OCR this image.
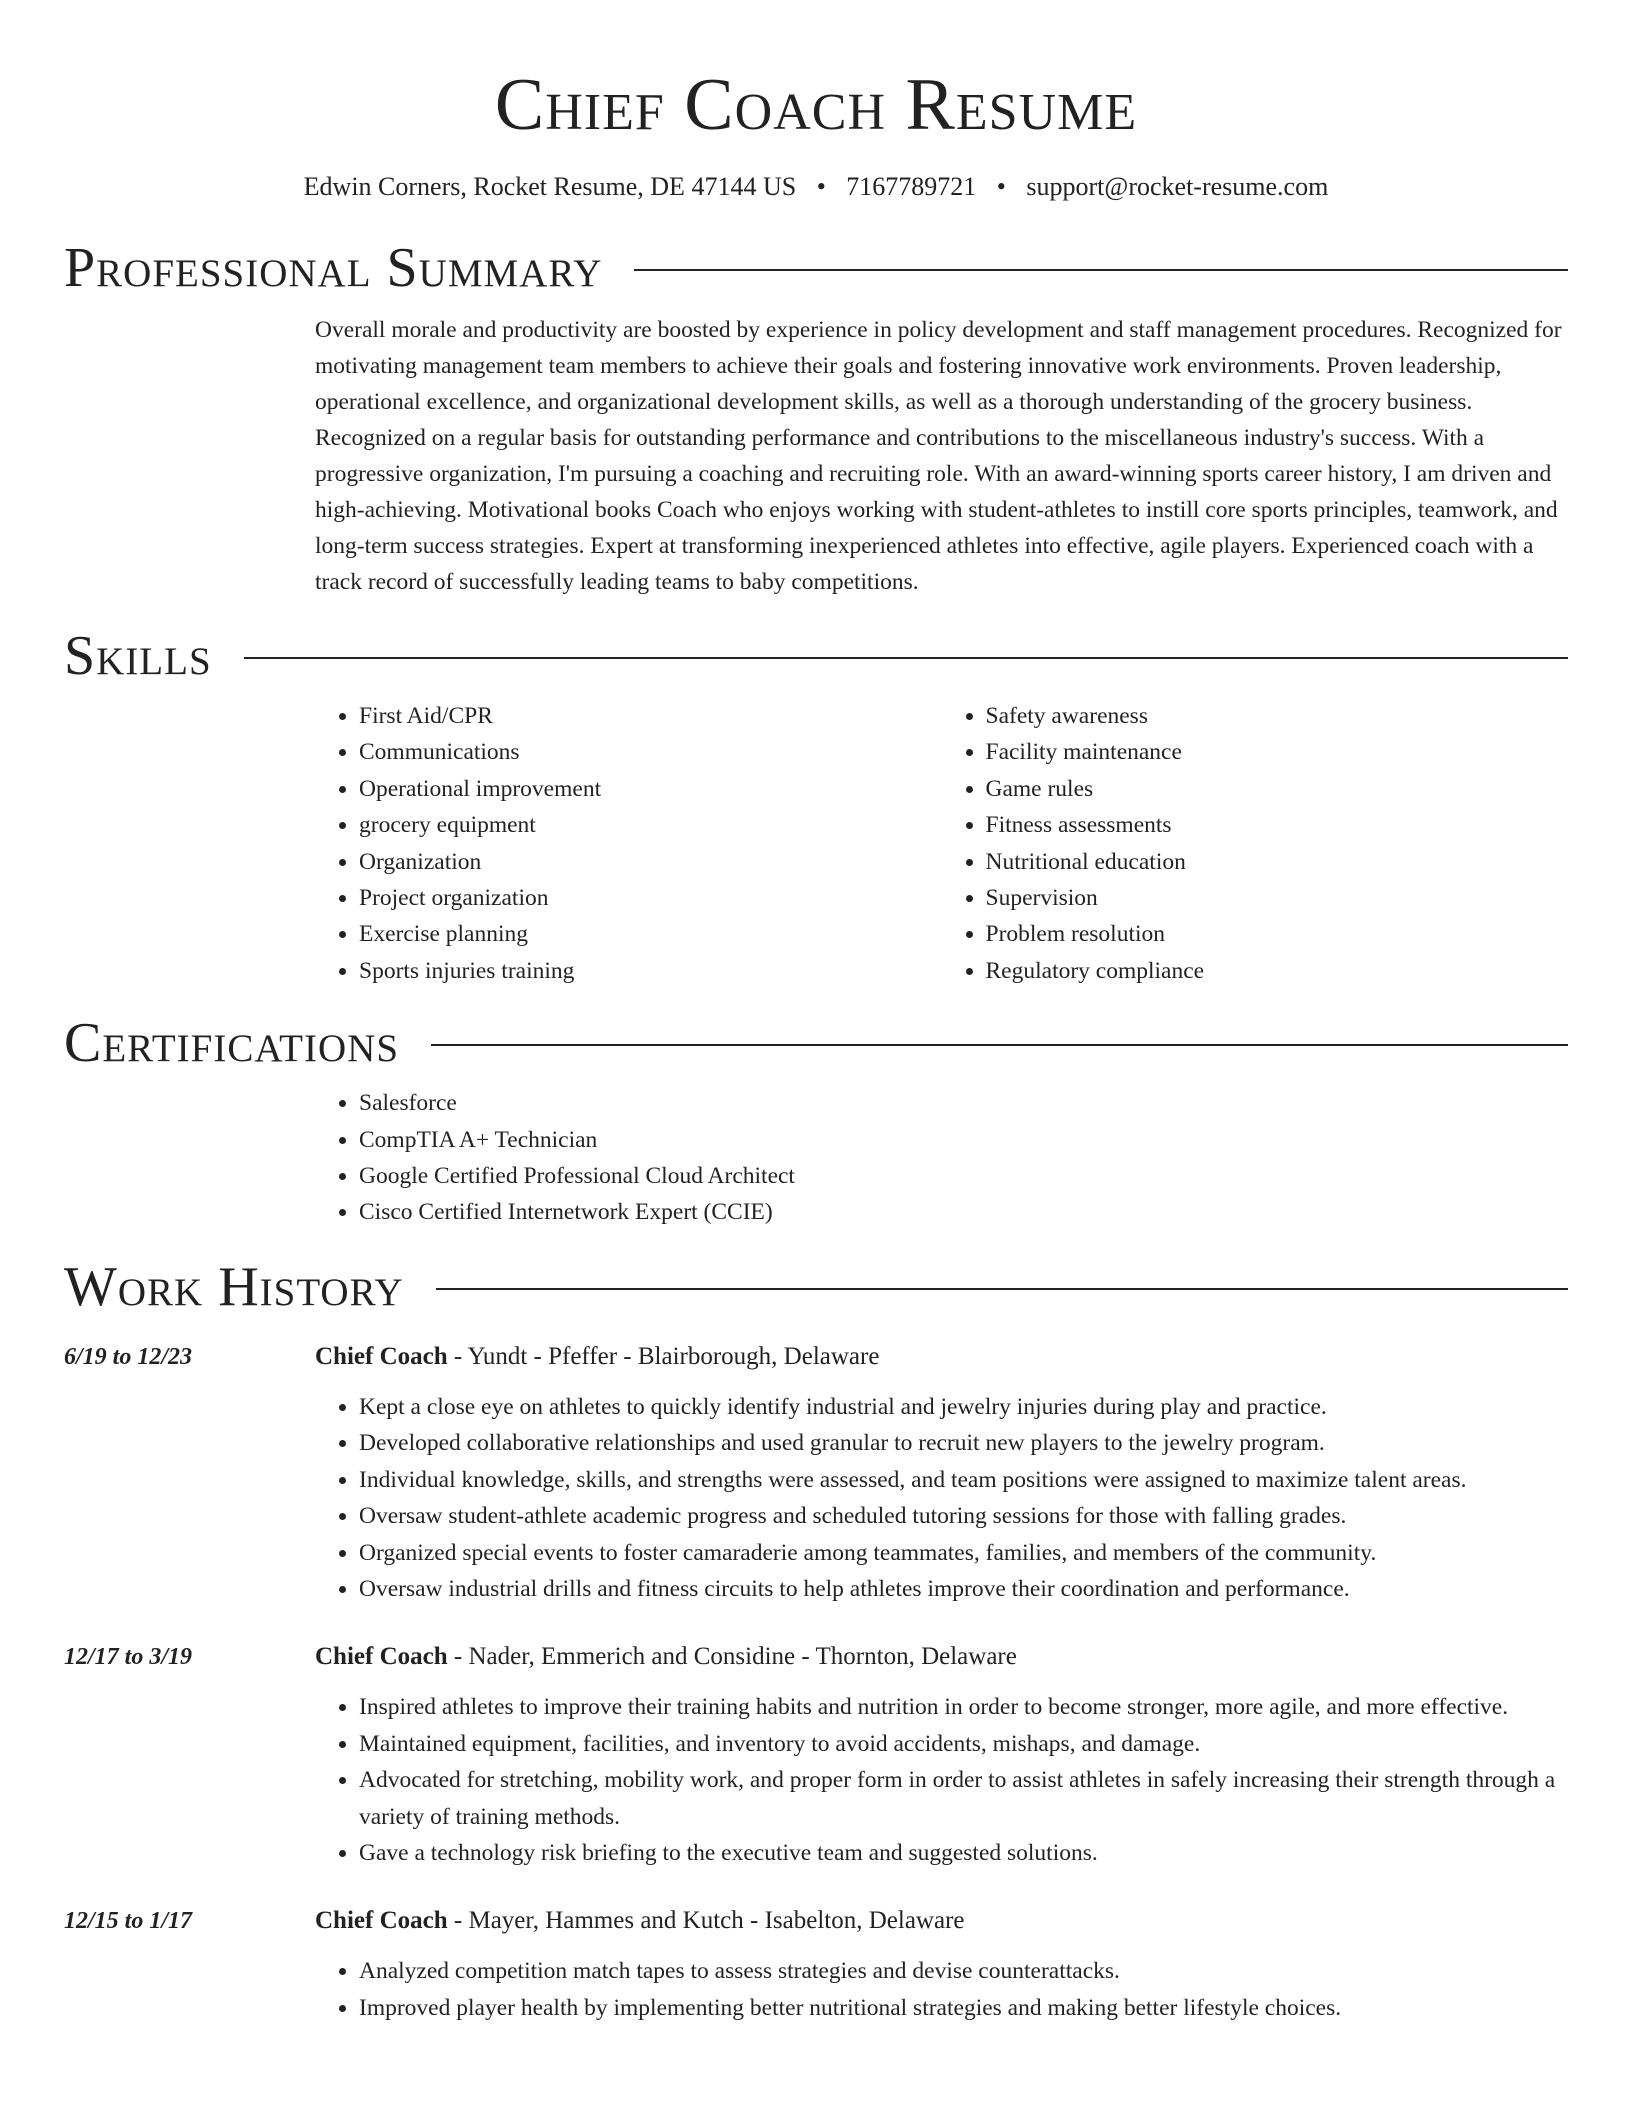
Chief Coach Resume
Edwin Corners, Rocket Resume, DE 47144 US • 7167789721 • support@rocket-resume.com
Professional Summary

Overall morale and productivity are boosted by experience in policy development and staff management procedures. Recognized for motivating management team members to achieve their goals and fostering innovative work environments. Proven leadership, operational excellence, and organizational development skills, as well as a thorough understanding of the grocery business. Recognized on a regular basis for outstanding performance and contributions to the miscellaneous industry's success. With a progressive organization, I'm pursuing a coaching and recruiting role. With an award-winning sports career history, I am driven and high-achieving. Motivational books Coach who enjoys working with student-athletes to instill core sports principles, teamwork, and long-term success strategies. Expert at transforming inexperienced athletes into effective, agile players. Experienced coach with a track record of successfully leading teams to baby competitions.

Skills
• First Aid/CPR
• Communications
• Operational improvement
• grocery equipment
• Organization
• Project organization
• Exercise planning
• Sports injuries training
• Safety awareness
• Facility maintenance
• Game rules
• Fitness assessments
• Nutritional education
• Supervision
• Problem resolution
• Regulatory compliance
Certifications
• Salesforce
• CompTIA A+ Technician
• Google Certified Professional Cloud Architect
• Cisco Certified Internetwork Expert (CCIE)
Work History
6/19 to 12/23	Chief Coach - Yundt - Pfeffer - Blairborough, Delaware
• Kept a close eye on athletes to quickly identify industrial and jewelry injuries during play and practice.
• Developed collaborative relationships and used granular to recruit new players to the jewelry program.
• Individual knowledge, skills, and strengths were assessed, and team positions were assigned to maximize talent areas.
• Oversaw student-athlete academic progress and scheduled tutoring sessions for those with falling grades.
• Organized special events to foster camaraderie among teammates, families, and members of the community.
• Oversaw industrial drills and fitness circuits to help athletes improve their coordination and performance.
12/17 to 3/19	Chief Coach - Nader, Emmerich and Considine - Thornton, Delaware
• Inspired athletes to improve their training habits and nutrition in order to become stronger, more agile, and more effective.
• Maintained equipment, facilities, and inventory to avoid accidents, mishaps, and damage.
• Advocated for stretching, mobility work, and proper form in order to assist athletes in safely increasing their strength through a variety of training methods.
• Gave a technology risk briefing to the executive team and suggested solutions.
12/15 to 1/17	Chief Coach - Mayer, Hammes and Kutch - Isabelton, Delaware
• Analyzed competition match tapes to assess strategies and devise counterattacks.
• Improved player health by implementing better nutritional strategies and making better lifestyle choices.
